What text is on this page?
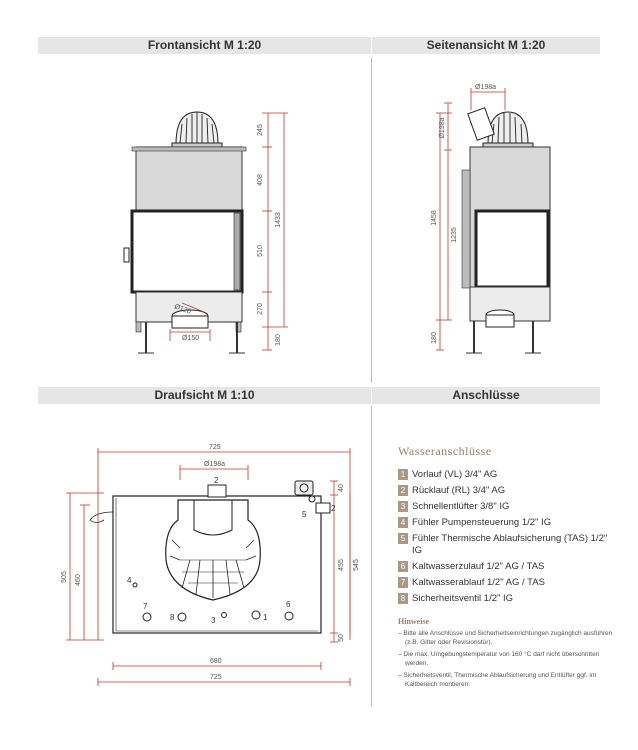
Frontansicht M 1:20	Seitenansicht M 1:20
Draufsicht M 1:10	Anschlüsse
245
408
510
270
1433
180
Ø120
Ø150
Ø198a
Ø198a
1458
1235
180
725
Ø198a
2
5
2
4
7
8	3	1
6
40
455 545
50
505 460
680
725
Wasseranschlüsse
1 Vorlauf (VL) 3/4" AG
2 Rücklauf (RL) 3/4" AG
3 Schnellentlüfter 3/8" IG
4 Fühler Pumpensteuerung 1/2" IG
5 Fühler Thermische Ablaufsicherung (TAS) 1/2" IG
6 Kaltwasserzulauf 1/2" AG / TAS
7 Kaltwasserablauf 1/2" AG / TAS
8 Sicherheitsventil 1/2" IG
Hinweise
– Bitte alle Anschlüsse und Sicherheitseinrichtungen zugänglich ausführen (z.B. Gitter oder Revisionstür).
– Die max. Umgebungstemperatur von 160 °C darf nicht überschritten werden.
– Sicherheitsventil, Thermische Ablaufsicherung und Entlüfter ggf. im Kaltbereich montieren.
